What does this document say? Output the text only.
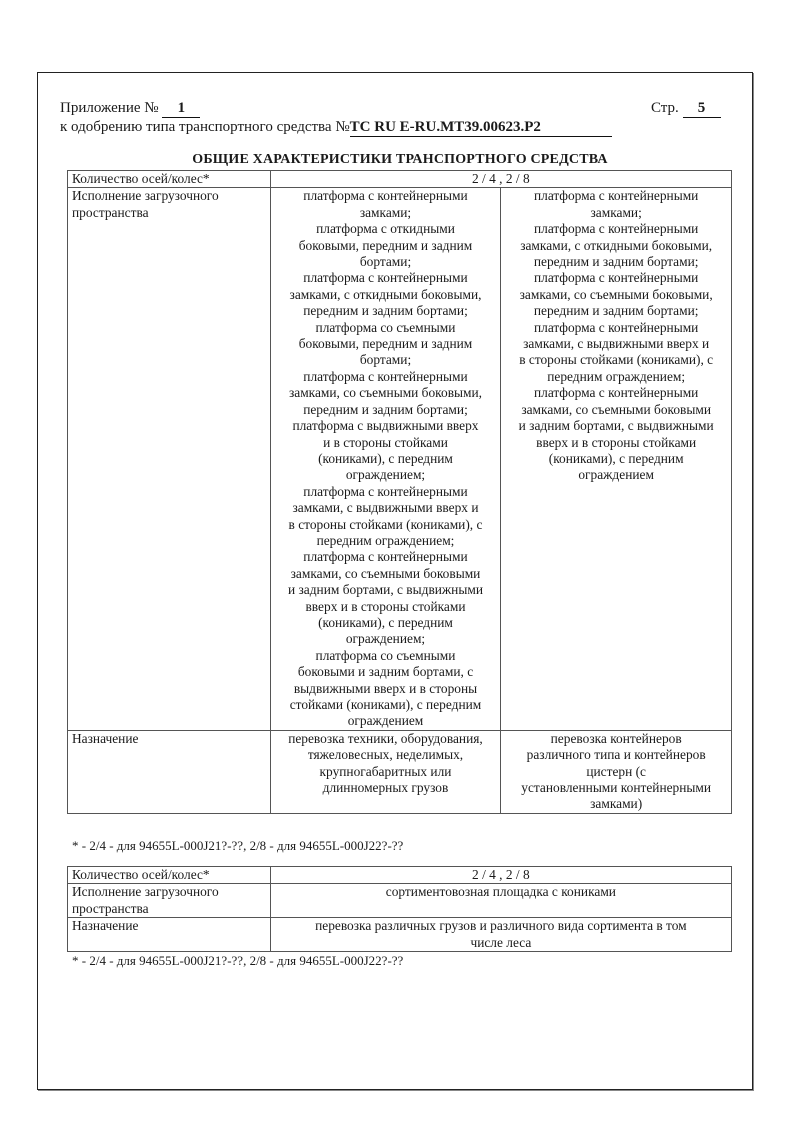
Приложение № 1	Стр. 5
к одобрению типа транспортного средства №TC RU E-RU.MT39.00623.P2
ОБЩИЕ ХАРАКТЕРИСТИКИ ТРАНСПОРТНОГО СРЕДСТВА
Количество осей/колес*	2 / 4 , 2 / 8	
Исполнение загрузочного пространства	платформа с контейнерными
замками;
платформа с откидными
боковыми, передним и задним
бортами;
платформа с контейнерными
замками, с откидными боковыми,
передним и задним бортами;
платформа со съемными
боковыми, передним и задним
бортами;
платформа с контейнерными
замками, со съемными боковыми,
передним и задним бортами;
платформа с выдвижными вверх
и в стороны стойками
(кониками), с передним
ограждением;
платформа с контейнерными
замками, с выдвижными вверх и
в стороны стойками (кониками), с
передним ограждением;
платформа с контейнерными
замками, со съемными боковыми
и задним бортами, с выдвижными
вверх и в стороны стойками
(кониками), с передним
ограждением;
платформа со съемными
боковыми и задним бортами, с
выдвижными вверх и в стороны
стойками (кониками), с передним
ограждением	платформа с контейнерными
замками;
платформа с контейнерными
замками, с откидными боковыми,
передним и задним бортами;
платформа с контейнерными
замками, со съемными боковыми,
передним и задним бортами;
платформа с контейнерными
замками, с выдвижными вверх и
в стороны стойками (кониками), с
передним ограждением;
платформа с контейнерными
замками, со съемными боковыми
и задним бортами, с выдвижными
вверх и в стороны стойками
(кониками), с передним
ограждением
Назначение	перевозка техники, оборудования,
тяжеловесных, неделимых,
крупногабаритных или
длинномерных грузов	перевозка контейнеров
различного типа и контейнеров
цистерн (с
установленными контейнерными
замками)
* - 2/4 - для 94655L-000J21?-??, 2/8 - для 94655L-000J22?-??
Количество осей/колес*	2 / 4 , 2 / 8
Исполнение загрузочного пространства	сортиментовозная площадка с кониками
Назначение	перевозка различных грузов и различного вида сортимента в том
числе леса
* - 2/4 - для 94655L-000J21?-??, 2/8 - для 94655L-000J22?-??
